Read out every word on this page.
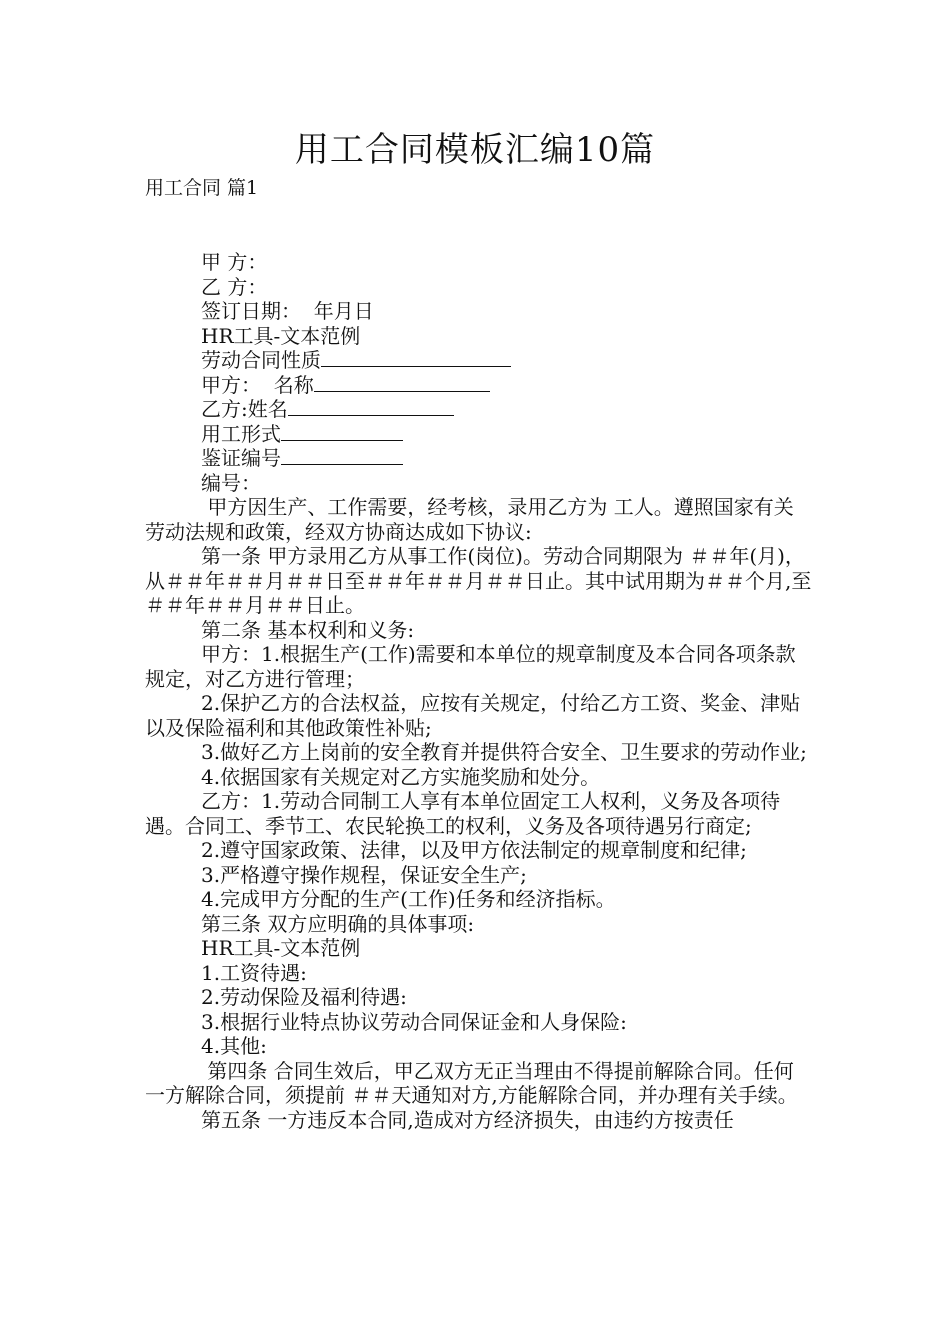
用工合同模板汇编10篇
用工合同 篇1
甲 方：
乙 方：
签订日期：  年月日
HR工具-文本范例
劳动合同性质
甲方：  名称
乙方:姓名
用工形式
鉴证编号
编号：
甲方因生产、工作需要，经考核，录用乙方为 工人。遵照国家有关劳动法规和政策，经双方协商达成如下协议:
第一条 甲方录用乙方从事工作(岗位)。劳动合同期限为 ＃＃年(月)，从＃＃年＃＃月＃＃日至＃＃年＃＃月＃＃日止。其中试用期为＃＃个月,至＃＃年＃＃月＃＃日止。
第二条 基本权利和义务:
甲方：1.根据生产(工作)需要和本单位的规章制度及本合同各项条款规定，对乙方进行管理；
2.保护乙方的合法权益，应按有关规定，付给乙方工资、奖金、津贴以及保险福利和其他政策性补贴;
3.做好乙方上岗前的安全教育并提供符合安全、卫生要求的劳动作业;
4.依据国家有关规定对乙方实施奖励和处分。
乙方：1.劳动合同制工人享有本单位固定工人权利，义务及各项待遇。合同工、季节工、农民轮换工的权利，义务及各项待遇另行商定;
2.遵守国家政策、法律，以及甲方依法制定的规章制度和纪律;
3.严格遵守操作规程，保证安全生产;
4.完成甲方分配的生产(工作)任务和经济指标。
第三条 双方应明确的具体事项:
HR工具-文本范例
1.工资待遇:
2.劳动保险及福利待遇:
3.根据行业特点协议劳动合同保证金和人身保险:
4.其他:
第四条 合同生效后，甲乙双方无正当理由不得提前解除合同。任何一方解除合同，须提前 ＃＃天通知对方,方能解除合同，并办理有关手续。
第五条 一方违反本合同,造成对方经济损失，由违约方按责任
